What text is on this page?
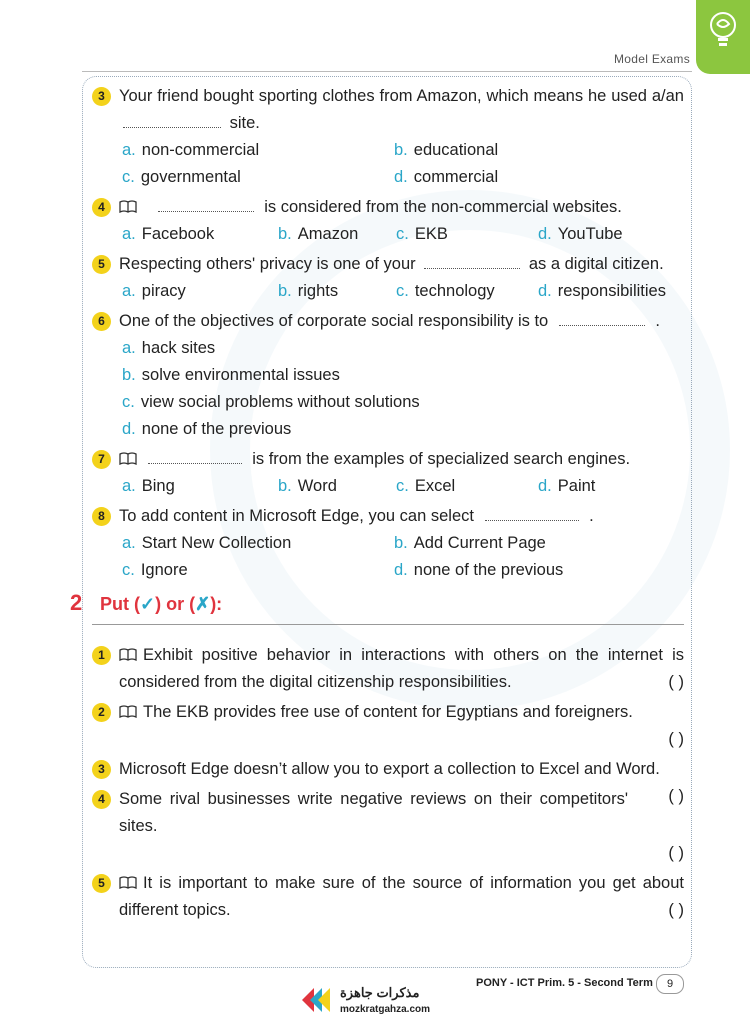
Model Exams
3 Your friend bought sporting clothes from Amazon, which means he used a/an  site.
a. non-commercial	b. educational
c. governmental	d. commercial
4	is considered from the non-commercial websites.
a. Facebook	b. Amazon	c. EKB	d. YouTube
5 Respecting others' privacy is one of your	as a digital citizen.
a. piracy	b. rights	c. technology	d. responsibilities
6 One of the objectives of corporate social responsibility is to	.
a. hack sites
b. solve environmental issues
c. view social problems without solutions
d. none of the previous
7	is from the examples of specialized search engines.
a. Bing	b. Word	c. Excel	d. Paint
8 To add content in Microsoft Edge, you can select	.
a. Start New Collection	b. Add Current Page
c. Ignore	d. none of the previous
2 Put (✓) or (✗):
1	Exhibit positive behavior in interactions with others on the internet is considered from the digital citizenship responsibilities.	( )
2	The EKB provides free use of content for Egyptians and foreigners.
( )
3 Microsoft Edge doesn’t allow you to export a collection to Excel and Word.
( )
4 Some rival businesses write negative reviews on their competitors' sites.
( )
5	It is important to make sure of the source of information you get about different topics.	( )
PONY - ICT Prim. 5 - Second Term	9
مذكرات جاهزة
mozkratgahza.com
